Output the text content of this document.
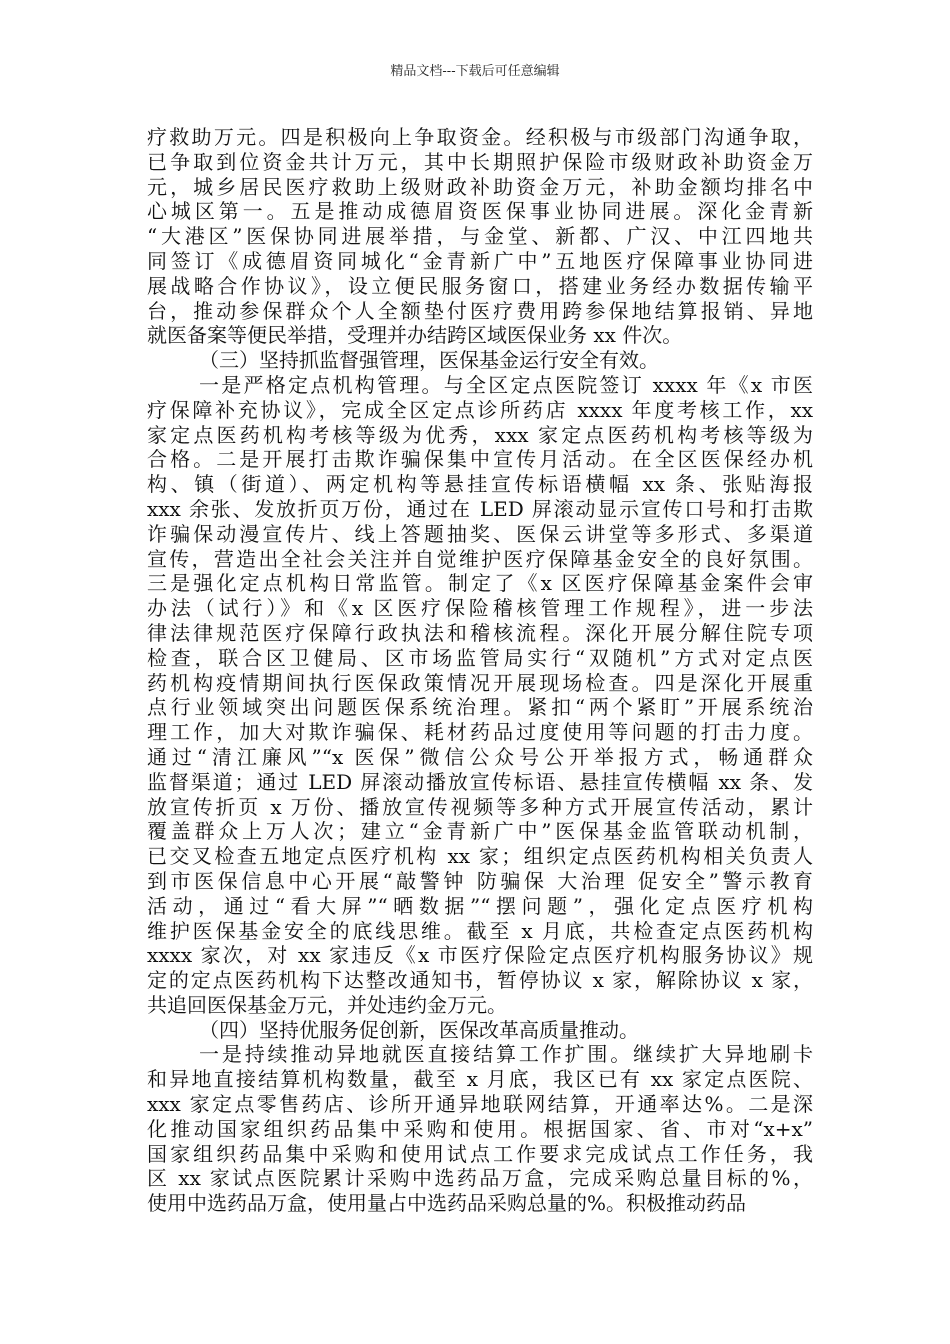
精品文档---下载后可任意编辑
疗救助万元。四是积极向上争取资金。经积极与市级部门沟通争取，
已争取到位资金共计万元，其中长期照护保险市级财政补助资金万
元，城乡居民医疗救助上级财政补助资金万元，补助金额均排名中
心城区第一。五是推动成德眉资医保事业协同进展。深化金青新
“大港区”医保协同进展举措，与金堂、新都、广汉、中江四地共
同签订《成德眉资同城化“金青新广中”五地医疗保障事业协同进
展战略合作协议》，设立便民服务窗口，搭建业务经办数据传输平
台，推动参保群众个人全额垫付医疗费用跨参保地结算报销、异地
就医备案等便民举措，受理并办结跨区域医保业务 xx 件次。
（三）坚持抓监督强管理，医保基金运行安全有效。
一是严格定点机构管理。与全区定点医院签订 xxxx 年《x 市医
疗保障补充协议》，完成全区定点诊所药店 xxxx 年度考核工作，xx
家定点医药机构考核等级为优秀，xxx 家定点医药机构考核等级为
合格。二是开展打击欺诈骗保集中宣传月活动。在全区医保经办机
构、镇（街道）、两定机构等悬挂宣传标语横幅 xx 条、张贴海报
xxx 余张、发放折页万份，通过在 LED 屏滚动显示宣传口号和打击欺
诈骗保动漫宣传片、线上答题抽奖、医保云讲堂等多形式、多渠道
宣传，营造出全社会关注并自觉维护医疗保障基金安全的良好氛围。
三是强化定点机构日常监管。制定了《x 区医疗保障基金案件会审
办法（试行）》和《x 区医疗保险稽核管理工作规程》，进一步法
律法律规范医疗保障行政执法和稽核流程。深化开展分解住院专项
检查，联合区卫健局、区市场监管局实行“双随机”方式对定点医
药机构疫情期间执行医保政策情况开展现场检查。四是深化开展重
点行业领域突出问题医保系统治理。紧扣“两个紧盯”开展系统治
理工作，加大对欺诈骗保、耗材药品过度使用等问题的打击力度。
通过“清江廉风”“x 医保”微信公众号公开举报方式，畅通群众
监督渠道；通过 LED 屏滚动播放宣传标语、悬挂宣传横幅 xx 条、发
放宣传折页 x 万份、播放宣传视频等多种方式开展宣传活动，累计
覆盖群众上万人次；建立“金青新广中”医保基金监管联动机制，
已交叉检查五地定点医疗机构 xx 家；组织定点医药机构相关负责人
到市医保信息中心开展“敲警钟 防骗保 大治理 促安全”警示教育
活动，通过“看大屏”“晒数据”“摆问题”，强化定点医疗机构
维护医保基金安全的底线思维。截至 x 月底，共检查定点医药机构
xxxx 家次，对 xx 家违反《x 市医疗保险定点医疗机构服务协议》规
定的定点医药机构下达整改通知书，暂停协议 x 家，解除协议 x 家，
共追回医保基金万元，并处违约金万元。
（四）坚持优服务促创新，医保改革高质量推动。
一是持续推动异地就医直接结算工作扩围。继续扩大异地刷卡
和异地直接结算机构数量，截至 x 月底，我区已有 xx 家定点医院、
xxx 家定点零售药店、诊所开通异地联网结算，开通率达%。二是深
化推动国家组织药品集中采购和使用。根据国家、省、市对“x+x”
国家组织药品集中采购和使用试点工作要求完成试点工作任务，我
区 xx 家试点医院累计采购中选药品万盒，完成采购总量目标的%，
使用中选药品万盒，使用量占中选药品采购总量的%。积极推动药品
